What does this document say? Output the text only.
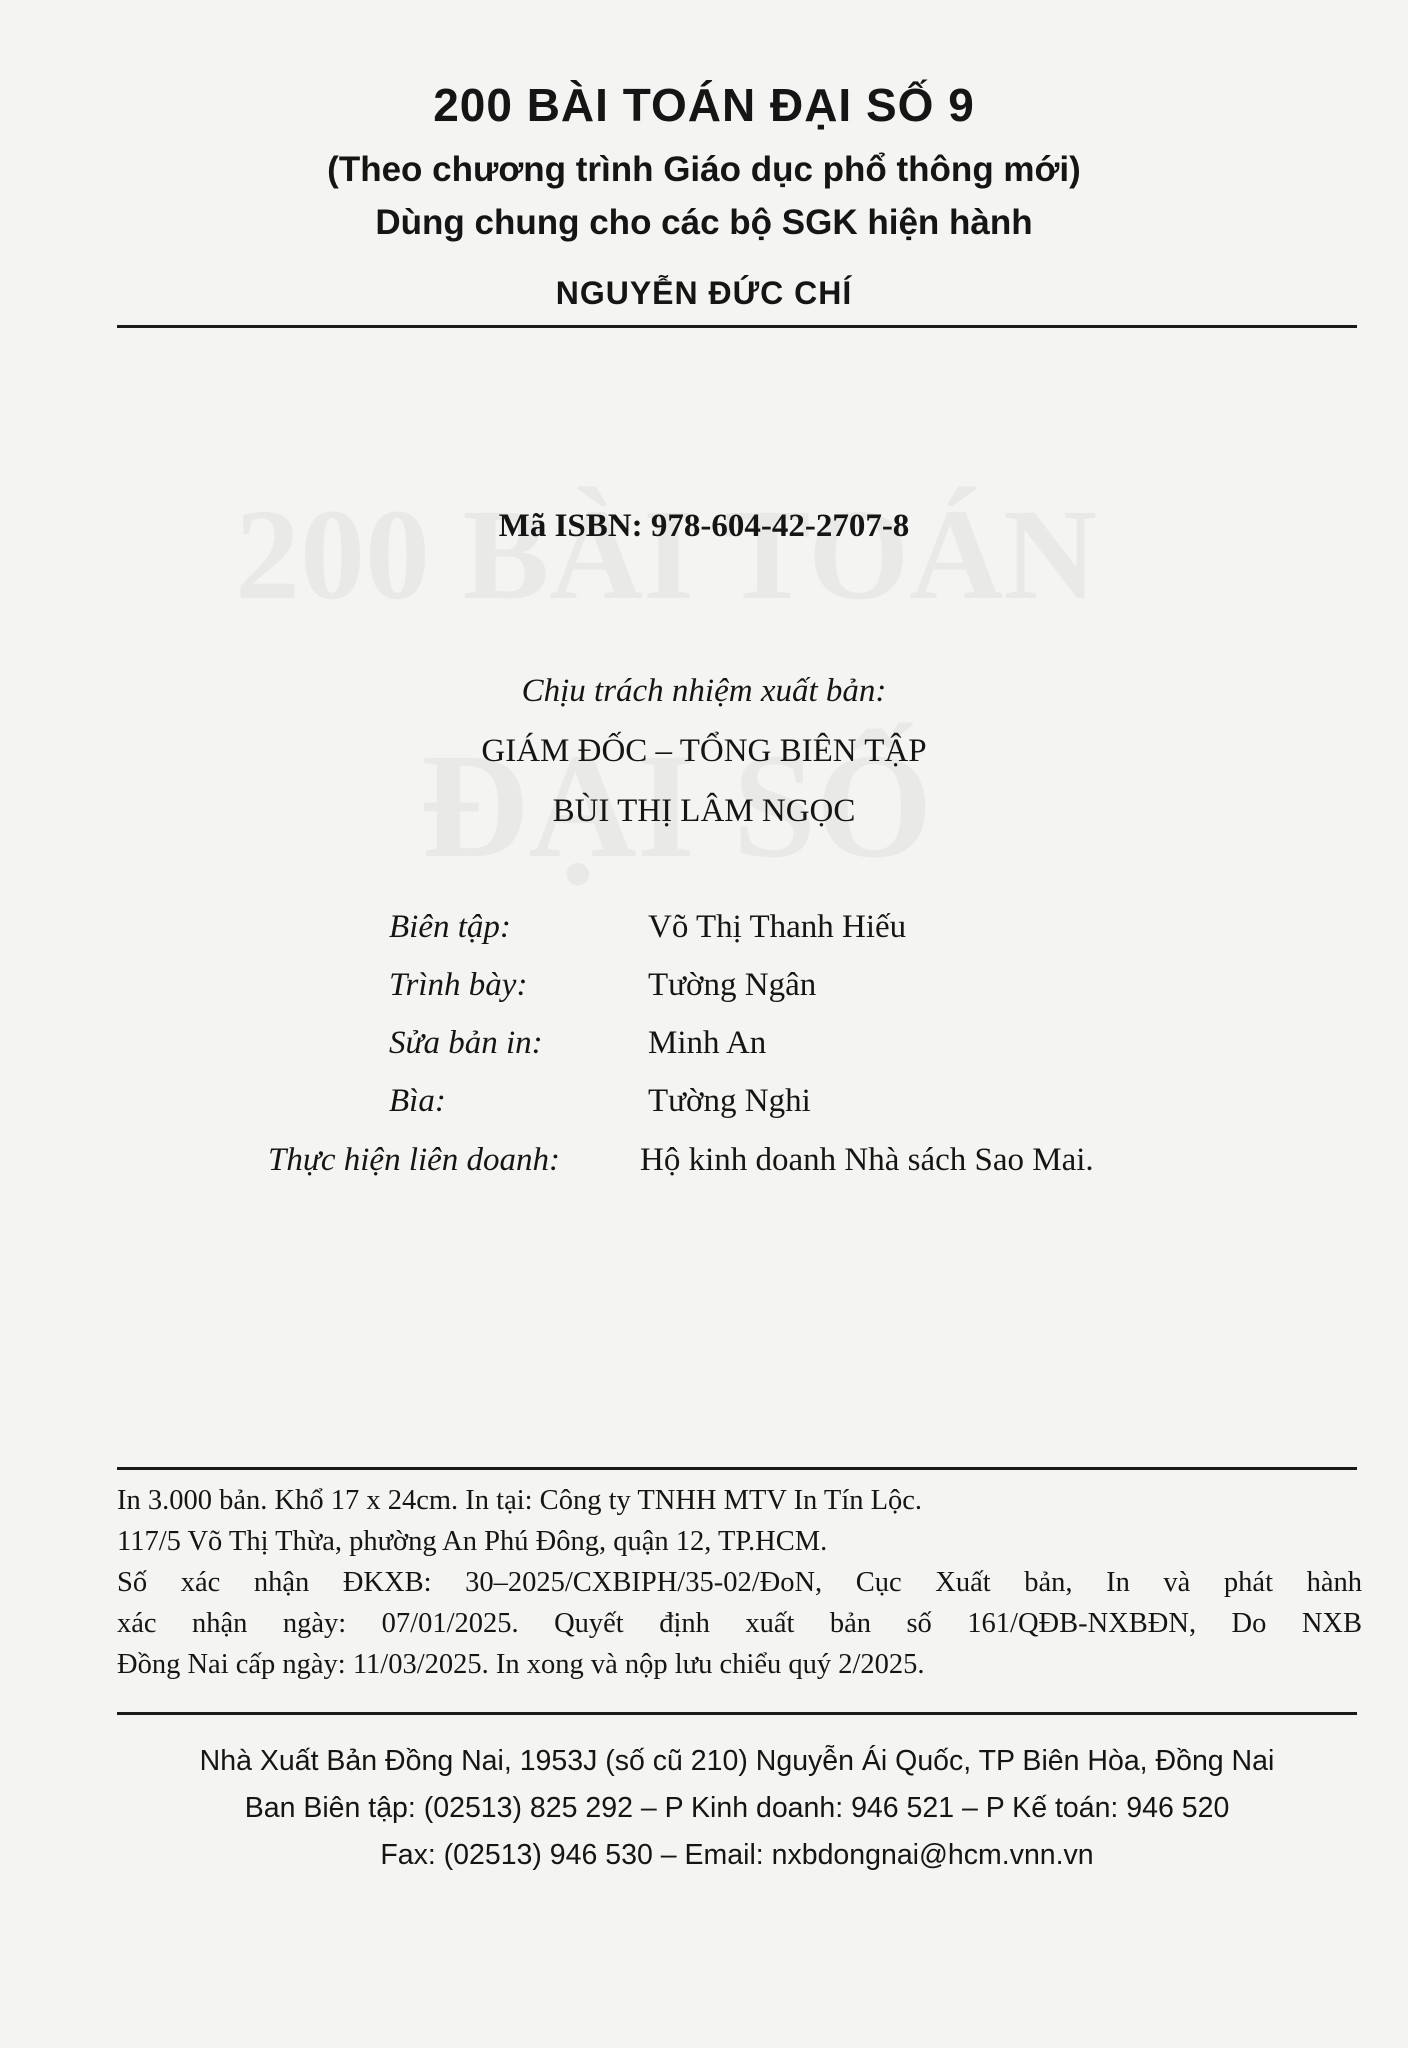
200 BÀI TOÁN ĐẠI SỐ 9
(Theo chương trình Giáo dục phổ thông mới)
Dùng chung cho các bộ SGK hiện hành
NGUYỄN ĐỨC CHÍ
Mã ISBN: 978-604-42-2707-8
Chịu trách nhiệm xuất bản:
GIÁM ĐỐC – TỔNG BIÊN TẬP
BÙI THỊ LÂM NGỌC
Biên tập:	Võ Thị Thanh Hiếu
Trình bày:	Tường Ngân
Sửa bản in:	Minh An
Bìa:	Tường Nghi
Thực hiện liên doanh: Hộ kinh doanh Nhà sách Sao Mai.
In 3.000 bản. Khổ 17 x 24cm. In tại: Công ty TNHH MTV In Tín Lộc.
117/5 Võ Thị Thừa, phường An Phú Đông, quận 12, TP.HCM.
Số xác nhận ĐKXB: 30–2025/CXBIPH/35-02/ĐoN, Cục Xuất bản, In và phát hành
xác nhận ngày: 07/01/2025. Quyết định xuất bản số 161/QĐB-NXBĐN, Do NXB
Đồng Nai cấp ngày: 11/03/2025. In xong và nộp lưu chiểu quý 2/2025.
Nhà Xuất Bản Đồng Nai, 1953J (số cũ 210) Nguyễn Ái Quốc, TP Biên Hòa, Đồng Nai
Ban Biên tập: (02513) 825 292 – P Kinh doanh: 946 521 – P Kế toán: 946 520
Fax: (02513) 946 530 – Email: nxbdongnai@hcm.vnn.vn
